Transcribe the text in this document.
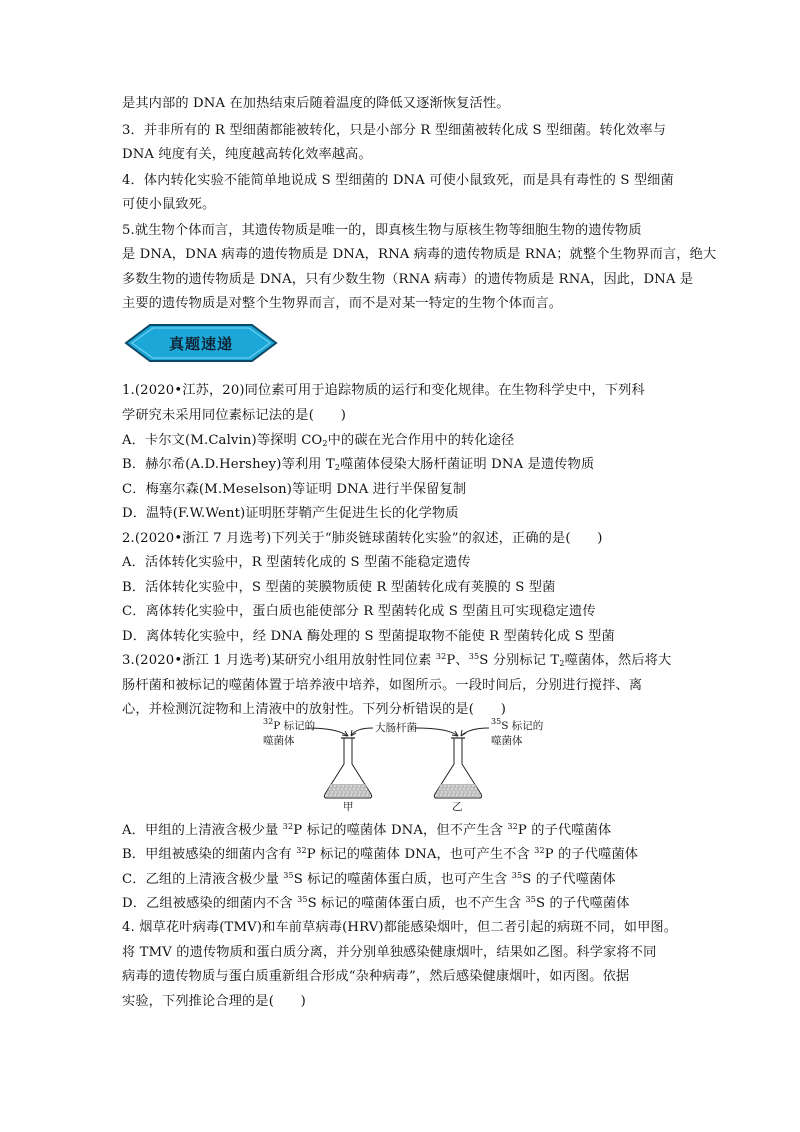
是其内部的 DNA 在加热结束后随着温度的降低又逐渐恢复活性。
3．并非所有的 R 型细菌都能被转化，只是小部分 R 型细菌被转化成 S 型细菌。转化效率与
DNA 纯度有关，纯度越高转化效率越高。
4．体内转化实验不能简单地说成 S 型细菌的 DNA 可使小鼠致死，而是具有毒性的 S 型细菌
可使小鼠致死。
5.就生物个体而言，其遗传物质是唯一的，即真核生物与原核生物等细胞生物的遗传物质
是 DNA，DNA 病毒的遗传物质是 DNA，RNA 病毒的遗传物质是 RNA；就整个生物界而言，绝大
多数生物的遗传物质是 DNA，只有少数生物（RNA 病毒）的遗传物质是 RNA，因此，DNA 是
主要的遗传物质是对整个生物界而言，而不是对某一特定的生物个体而言。
真题速递
1.(2020•江苏，20)同位素可用于追踪物质的运行和变化规律。在生物科学史中，下列科
学研究未采用同位素标记法的是(　　)
A．卡尔文(M.Calvin)等探明 $CO_2$中的碳在光合作用中的转化途径
B．赫尔希(A.D.Hershey)等利用 $T_2$噬菌体侵染大肠杆菌证明 DNA 是遗传物质
C．梅塞尔森(M.Meselson)等证明 DNA 进行半保留复制
D．温特(F.W.Went)证明胚芽鞘产生促进生长的化学物质
2.(2020•浙江 7 月选考)下列关于“肺炎链球菌转化实验”的叙述，正确的是(　　)
A．活体转化实验中，R 型菌转化成的 S 型菌不能稳定遗传
B．活体转化实验中，S 型菌的荚膜物质使 R 型菌转化成有荚膜的 S 型菌
C．离体转化实验中，蛋白质也能使部分 R 型菌转化成 S 型菌且可实现稳定遗传
D．离体转化实验中，经 DNA 酶处理的 S 型菌提取物不能使 R 型菌转化成 S 型菌
3.(2020•浙江 1 月选考)某研究小组用放射性同位素 $^{32}$P、$^{35}$S 分别标记 $T_2$噬菌体，然后将大
肠杆菌和被标记的噬菌体置于培养液中培养，如图所示。一段时间后，分别进行搅拌、离
心，并检测沉淀物和上清液中的放射性。下列分析错误的是(　　)
$^{32}$P 标记的
噬菌体
大肠杆菌
$^{35}$S 标记的
噬菌体
甲	乙
A．甲组的上清液含极少量 $^{32}$P 标记的噬菌体 DNA，但不产生含 $^{32}$P 的子代噬菌体
B．甲组被感染的细菌内含有 $^{32}$P 标记的噬菌体 DNA，也可产生不含 $^{32}$P 的子代噬菌体
C．乙组的上清液含极少量 $^{35}$S 标记的噬菌体蛋白质，也可产生含 $^{35}$S 的子代噬菌体
D．乙组被感染的细菌内不含 $^{35}$S 标记的噬菌体蛋白质，也不产生含 $^{35}$S 的子代噬菌体
4. 烟草花叶病毒(TMV)和车前草病毒(HRV)都能感染烟叶，但二者引起的病斑不同，如甲图。
将 TMV 的遗传物质和蛋白质分离，并分别单独感染健康烟叶，结果如乙图。科学家将不同
病毒的遗传物质与蛋白质重新组合形成“杂种病毒”，然后感染健康烟叶，如丙图。依据
实验，下列推论合理的是(　　)
